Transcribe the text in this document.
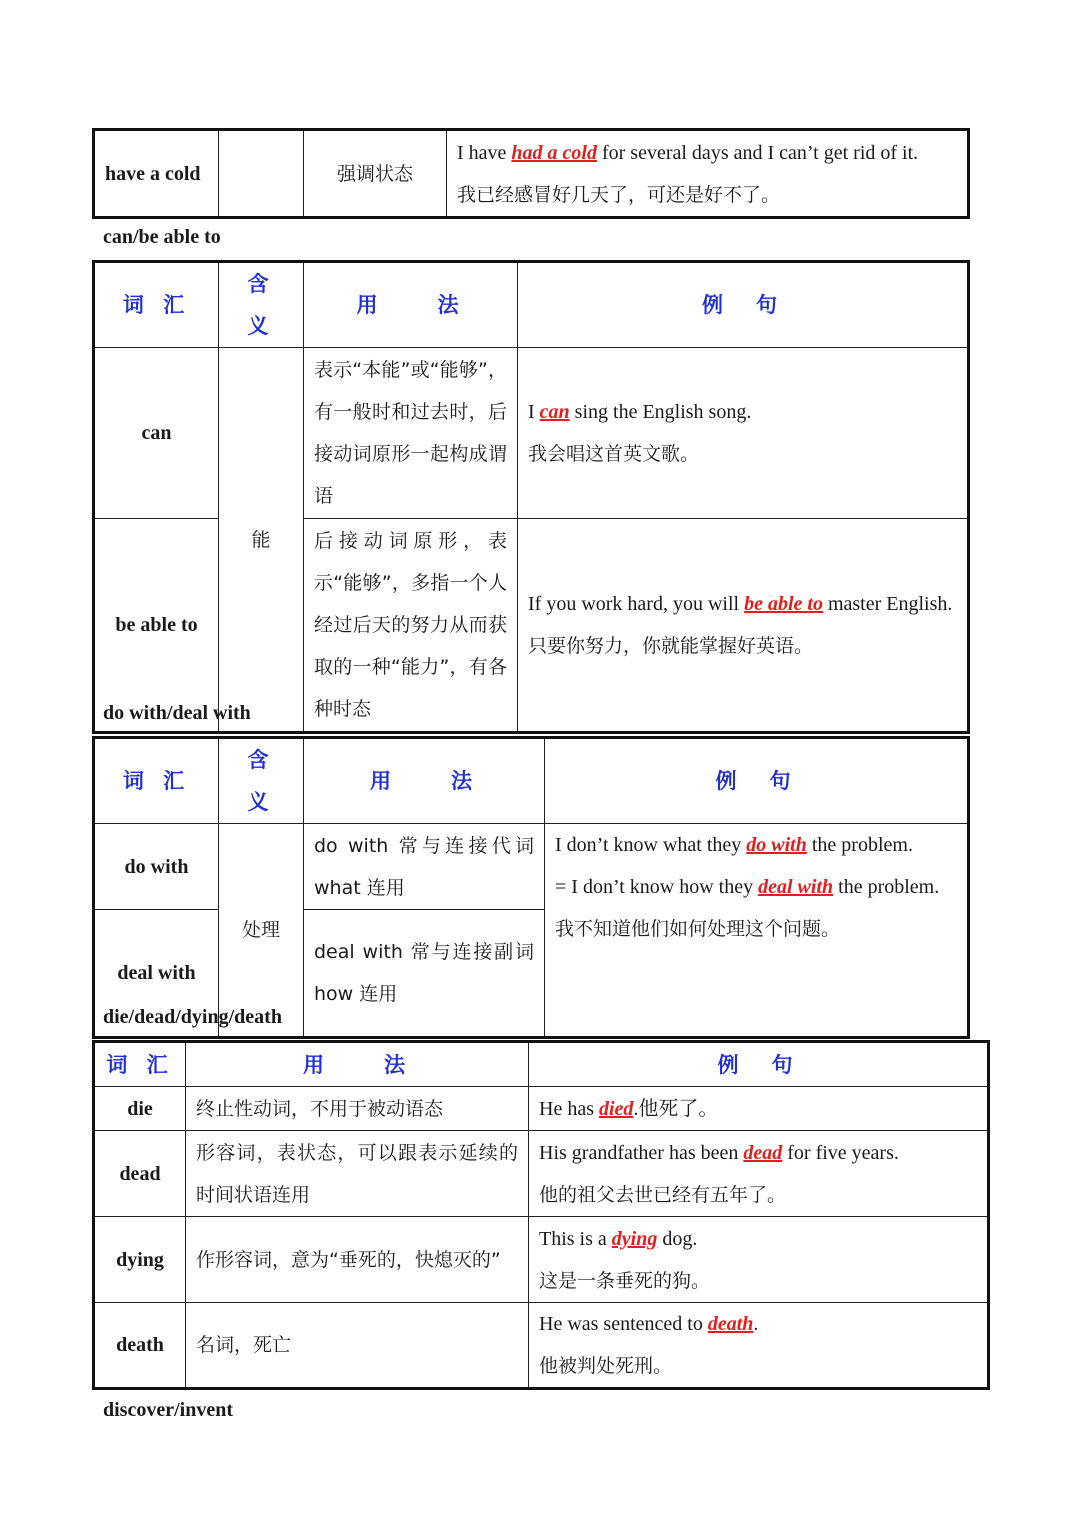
have a cold		强调状态	
I have had a cold for several days and I can’t get rid of it.
我已经感冒好几天了，可还是好不了。
can/be able to
词 汇	含 义	用　　法	例　句
can	能	表示“本能”或“能够”，有一般时和过去时，后接动词原形一起构成谓语	I can sing the English song.
我会唱这首英文歌。

be able to		后接动词原形，表示“能够”，多指一个人经过后天的努力从而获取的一种“能力”，有各种时态	If you work hard, you will be able to master English.
只要你努力，你就能掌握好英语。
do with/deal with
词 汇	含 义	用　　法	例　句
do with	处理	do with 常与连接代词 what 连用	I don’t know what they do with the problem.
= I don’t know how they deal with the problem.
我不知道他们如何处理这个问题。

deal with		deal with 常与连接副词 how 连用	
die/dead/dying/death
词 汇	用　　法	例　句
die	终止性动词，不用于被动语态	He has died.他死了。
dead	形容词，表状态，可以跟表示延续的时间状语连用	His grandfather has been dead for five years.
他的祖父去世已经有五年了。

dying	作形容词，意为“垂死的，快熄灭的”	This is a dying dog.
这是一条垂死的狗。

death	名词，死亡	He was sentenced to death.
他被判处死刑。
discover/invent
